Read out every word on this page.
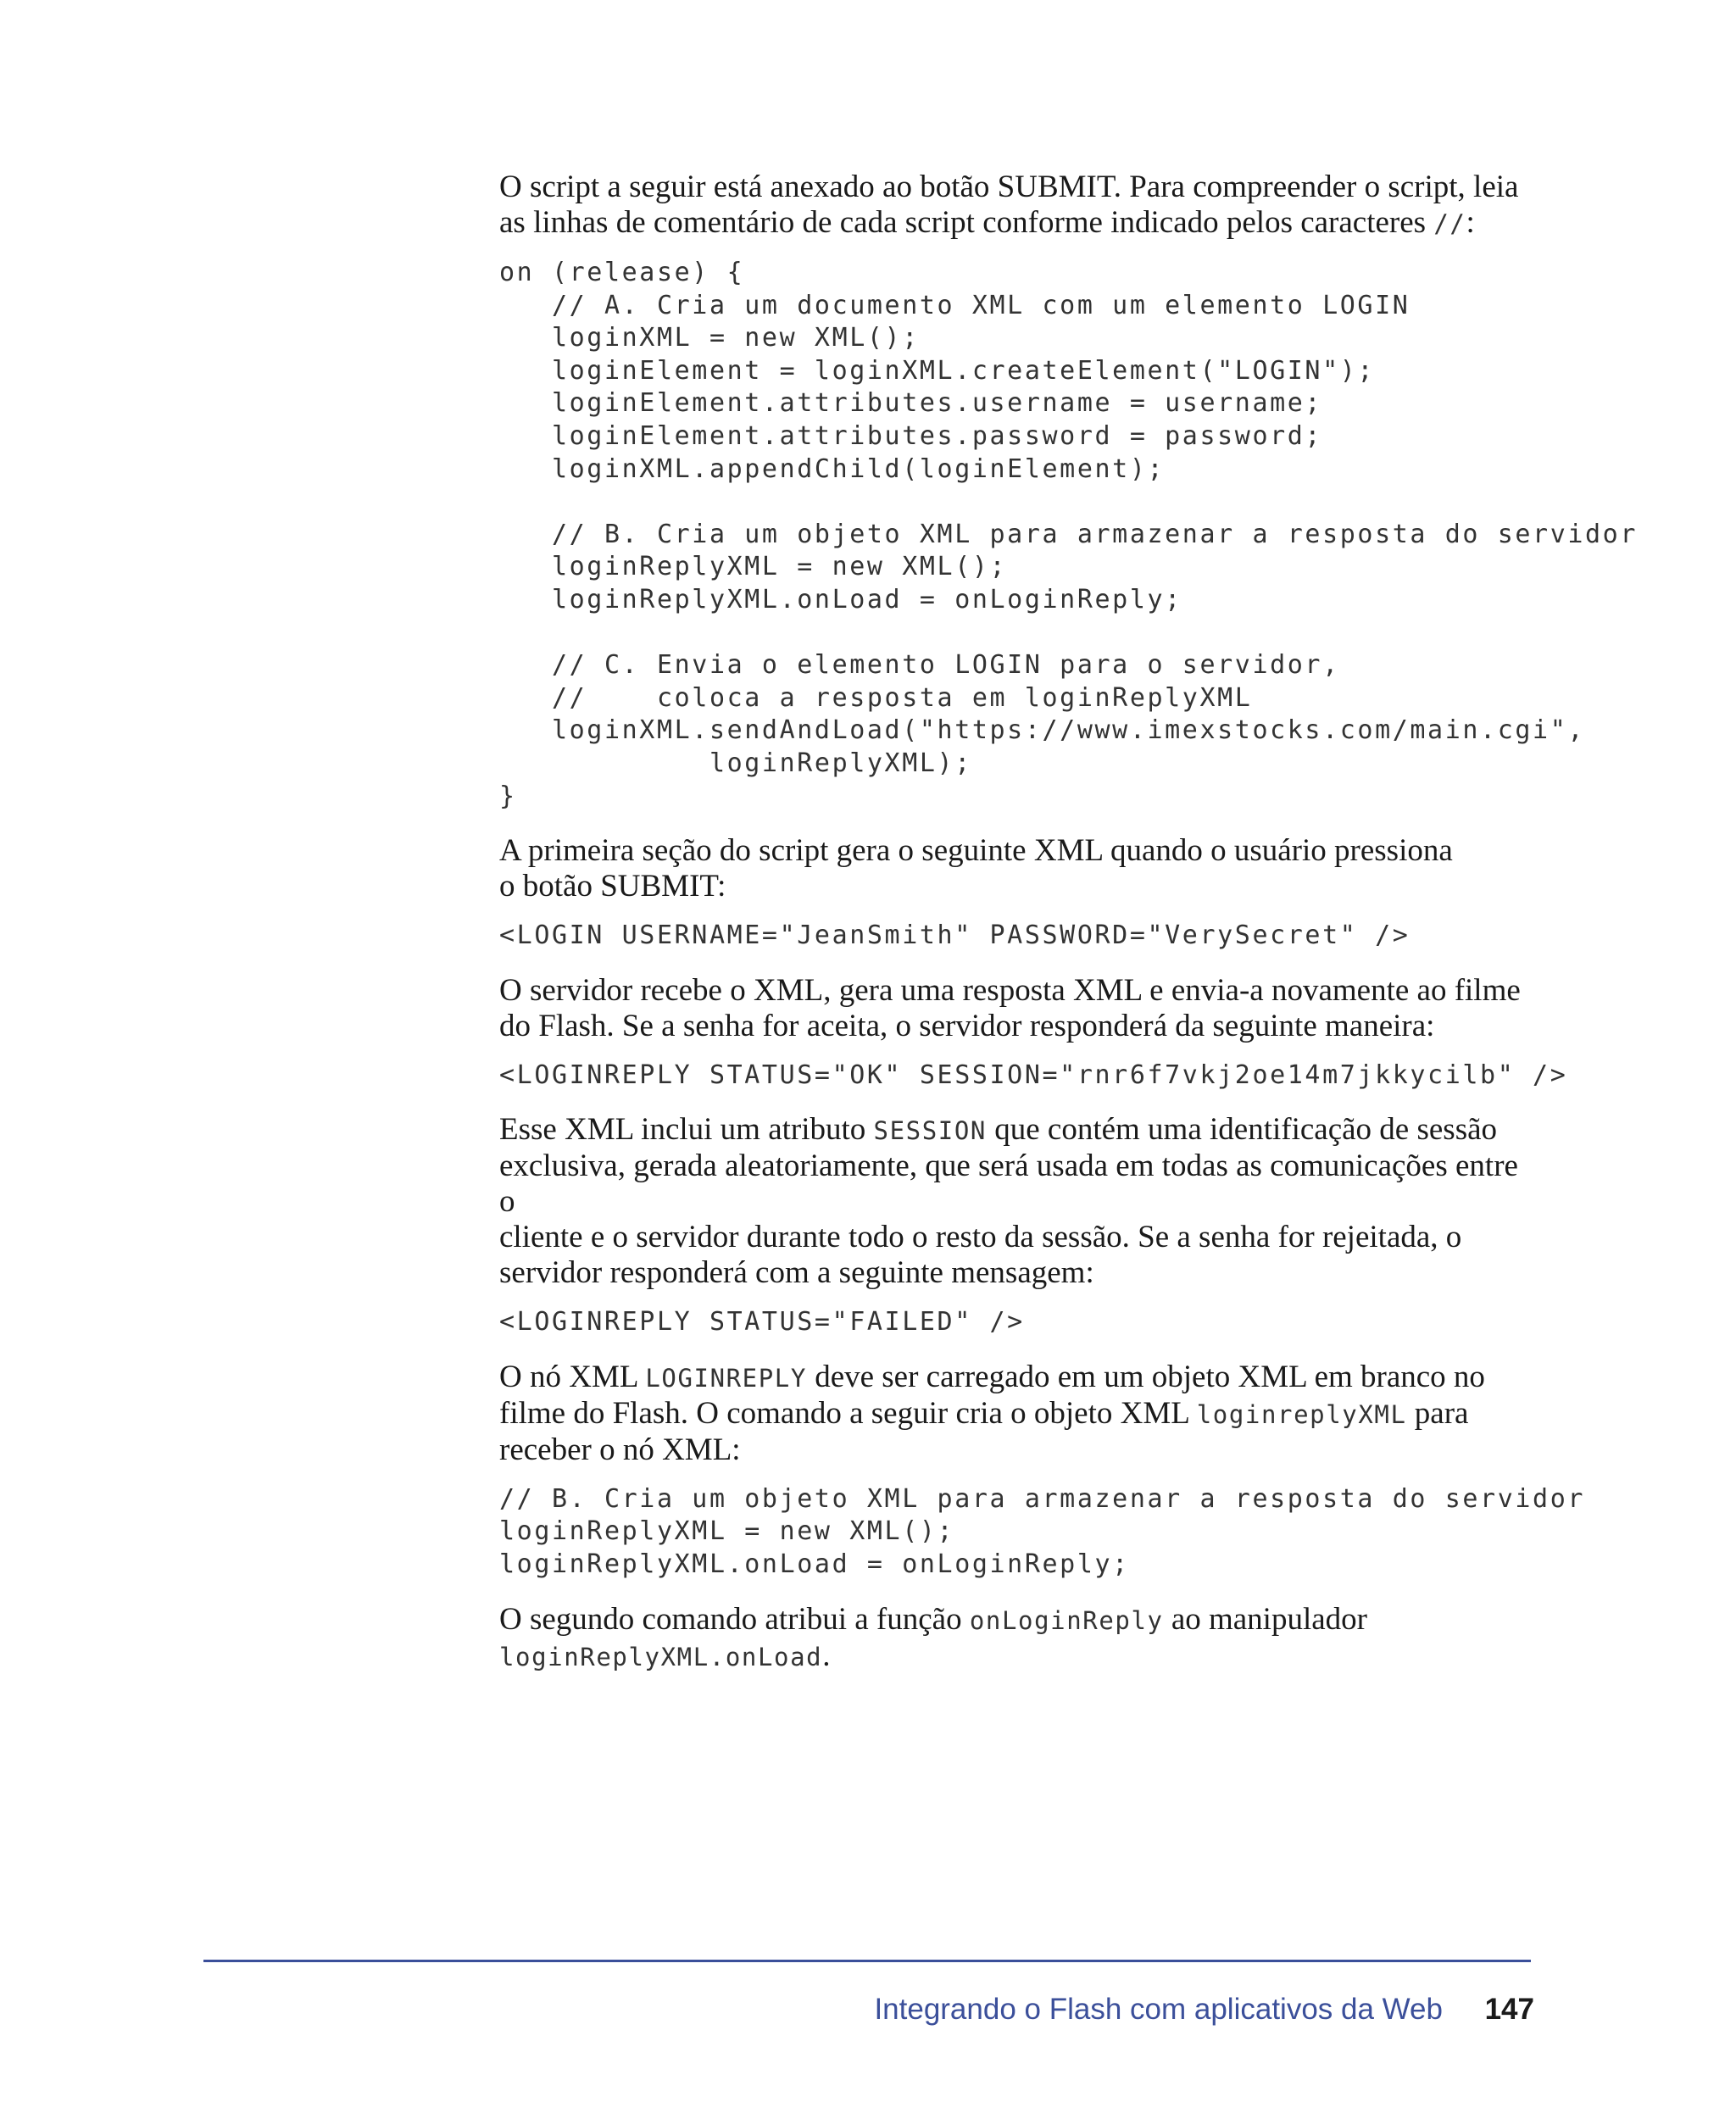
O script a seguir está anexado ao botão SUBMIT. Para compreender o script, leia
as linhas de comentário de cada script conforme indicado pelos caracteres //:

on (release) {
// A. Cria um documento XML com um elemento LOGIN
loginXML = new XML();
loginElement = loginXML.createElement("LOGIN");
loginElement.attributes.username = username;
loginElement.attributes.password = password;
loginXML.appendChild(loginElement);

// B. Cria um objeto XML para armazenar a resposta do servidor
loginReplyXML = new XML();
loginReplyXML.onLoad = onLoginReply;

// C. Envia o elemento LOGIN para o servidor,
//    coloca a resposta em loginReplyXML
loginXML.sendAndLoad("https://www.imexstocks.com/main.cgi",
loginReplyXML);
}

A primeira seção do script gera o seguinte XML quando o usuário pressiona
o botão SUBMIT:

<LOGIN USERNAME="JeanSmith" PASSWORD="VerySecret" />

O servidor recebe o XML, gera uma resposta XML e envia-a novamente ao filme
do Flash. Se a senha for aceita, o servidor responderá da seguinte maneira:

<LOGINREPLY STATUS="OK" SESSION="rnr6f7vkj2oe14m7jkkycilb" />

Esse XML inclui um atributo SESSION que contém uma identificação de sessão
exclusiva, gerada aleatoriamente, que será usada em todas as comunicações entre o
cliente e o servidor durante todo o resto da sessão. Se a senha for rejeitada, o
servidor responderá com a seguinte mensagem:

<LOGINREPLY STATUS="FAILED" />

O nó XML LOGINREPLY deve ser carregado em um objeto XML em branco no
filme do Flash. O comando a seguir cria o objeto XML loginreplyXML para
receber o nó XML:

// B. Cria um objeto XML para armazenar a resposta do servidor
loginReplyXML = new XML();
loginReplyXML.onLoad = onLoginReply;

O segundo comando atribui a função onLoginReply ao manipulador
loginReplyXML.onLoad.

Integrando o Flash com aplicativos da Web	147
